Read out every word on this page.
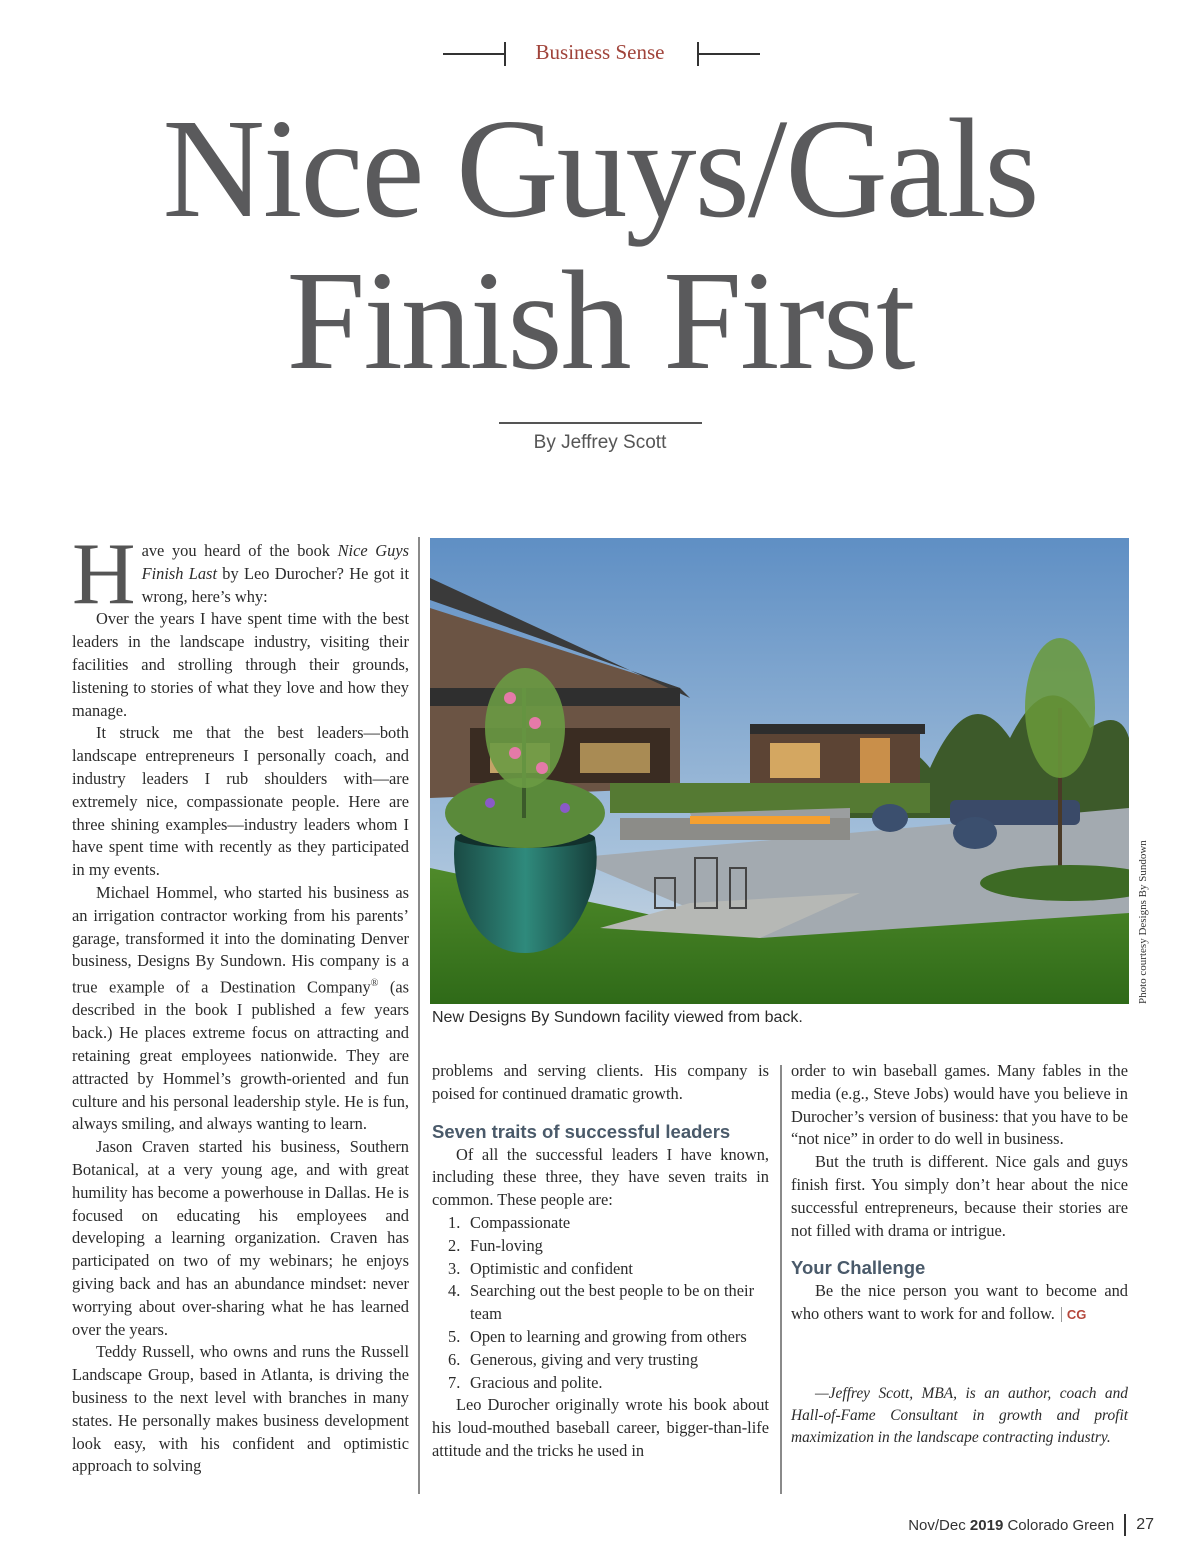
Business Sense
Nice Guys/Gals
Finish First
By Jeffrey Scott

Have you heard of the book Nice Guys Finish Last by Leo Durocher? He got it wrong, here’s why:

Over the years I have spent time with the best leaders in the landscape industry, visiting their facilities and strolling through their grounds, listening to stories of what they love and how they manage.

It struck me that the best leaders—both landscape entrepreneurs I personally coach, and industry leaders I rub shoulders with—are extremely nice, compassionate people. Here are three shining examples—industry leaders whom I have spent time with recently as they participated in my events.

Michael Hommel, who started his business as an irrigation contractor working from his parents’ garage, transformed it into the dominating Denver business, Designs By Sundown. His company is a true example of a Destination Company® (as described in the book I published a few years back.) He places extreme focus on attracting and retaining great employees nationwide. They are attracted by Hommel’s growth-oriented and fun culture and his personal leadership style. He is fun, always smiling, and always wanting to learn.

Jason Craven started his business, Southern Botanical, at a very young age, and with great humility has become a powerhouse in Dallas. He is focused on educating his employees and developing a learning organization. Craven has participated on two of my webinars; he enjoys giving back and has an abundance mindset: never worrying about over-sharing what he has learned over the years.

Teddy Russell, who owns and runs the Russell Landscape Group, based in Atlanta, is driving the business to the next level with branches in many states. He personally makes business development look easy, with his confident and optimistic approach to solving

Photo courtesy Designs By Sundown
New Designs By Sundown facility viewed from back.

problems and serving clients. His company is poised for continued dramatic growth.

Seven traits of successful leaders

Of all the successful leaders I have known, including these three, they have seven traits in common. These people are:

1. Compassionate
2. Fun-loving
3. Optimistic and confident
4. Searching out the best people to be on their team
5. Open to learning and growing from others
6. Generous, giving and very trusting
7. Gracious and polite.

Leo Durocher originally wrote his book about his loud-mouthed baseball career, bigger-than-life attitude and the tricks he used in

order to win baseball games. Many fables in the media (e.g., Steve Jobs) would have you believe in Durocher’s version of business: that you have to be “not nice” in order to do well in business.

But the truth is different. Nice gals and guys finish first. You simply don’t hear about the nice successful entrepreneurs, because their stories are not filled with drama or intrigue.

Your Challenge

Be the nice person you want to become and who others want to work for and follow. CG

—Jeffrey Scott, MBA, is an author, coach and Hall-of-Fame Consultant in growth and profit maximization in the landscape contracting industry.

Nov/Dec
2019
Colorado Green 27
